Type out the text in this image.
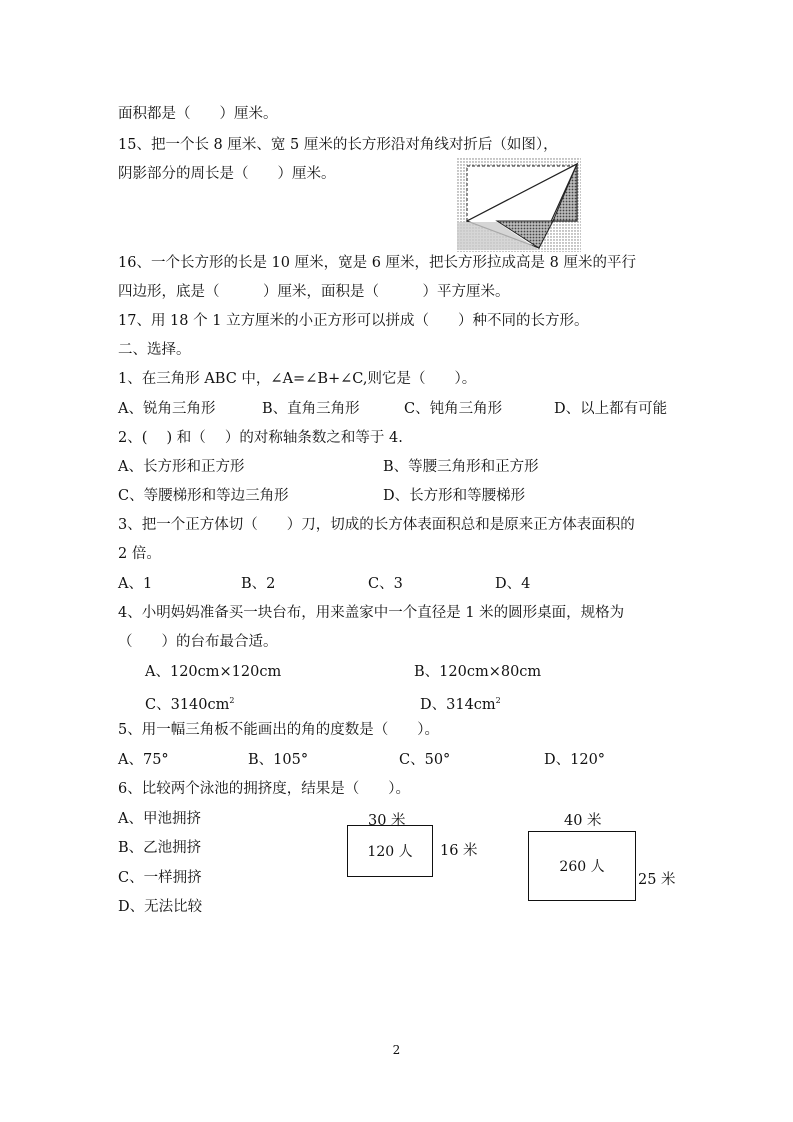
面积都是（　　）厘米。
15、把一个长 8 厘米、宽 5 厘米的长方形沿对角线对折后（如图），
阴影部分的周长是（　　）厘米。
16、一个长方形的长是 10 厘米，宽是 6 厘米，把长方形拉成高是 8 厘米的平行
四边形，底是（　　　）厘米，面积是（　　　）平方厘米。
17、用 18 个 1 立方厘米的小正方形可以拼成（　　）种不同的长方形。
二、选择。
1、在三角形 ABC 中，∠A=∠B+∠C,则它是（　　）。
A、锐角三角形	B、直角三角形	C、钝角三角形	D、以上都有可能
2、(　 ) 和（　 ）的对称轴条数之和等于 4.
A、长方形和正方形	B、等腰三角形和正方形
C、等腰梯形和等边三角形	D、长方形和等腰梯形
3、把一个正方体切（　　）刀，切成的长方体表面积总和是原来正方体表面积的
2 倍。
A、1	B、2	C、3	D、4
4、小明妈妈准备买一块台布，用来盖家中一个直径是 1 米的圆形桌面，规格为
（　　）的台布最合适。
A、120cm×120cm	B、120cm×80cm
C、$3140cm^2$	D、$314cm^2$
5、用一幅三角板不能画出的角的度数是（　　）。
A、75°	B、105°	C、50°	D、120°
6、比较两个泳池的拥挤度，结果是（　　）。
A、甲池拥挤
B、乙池拥挤
C、一样拥挤
D、无法比较
30 米
120 人 16 米
40 米
260 人
25 米
2
